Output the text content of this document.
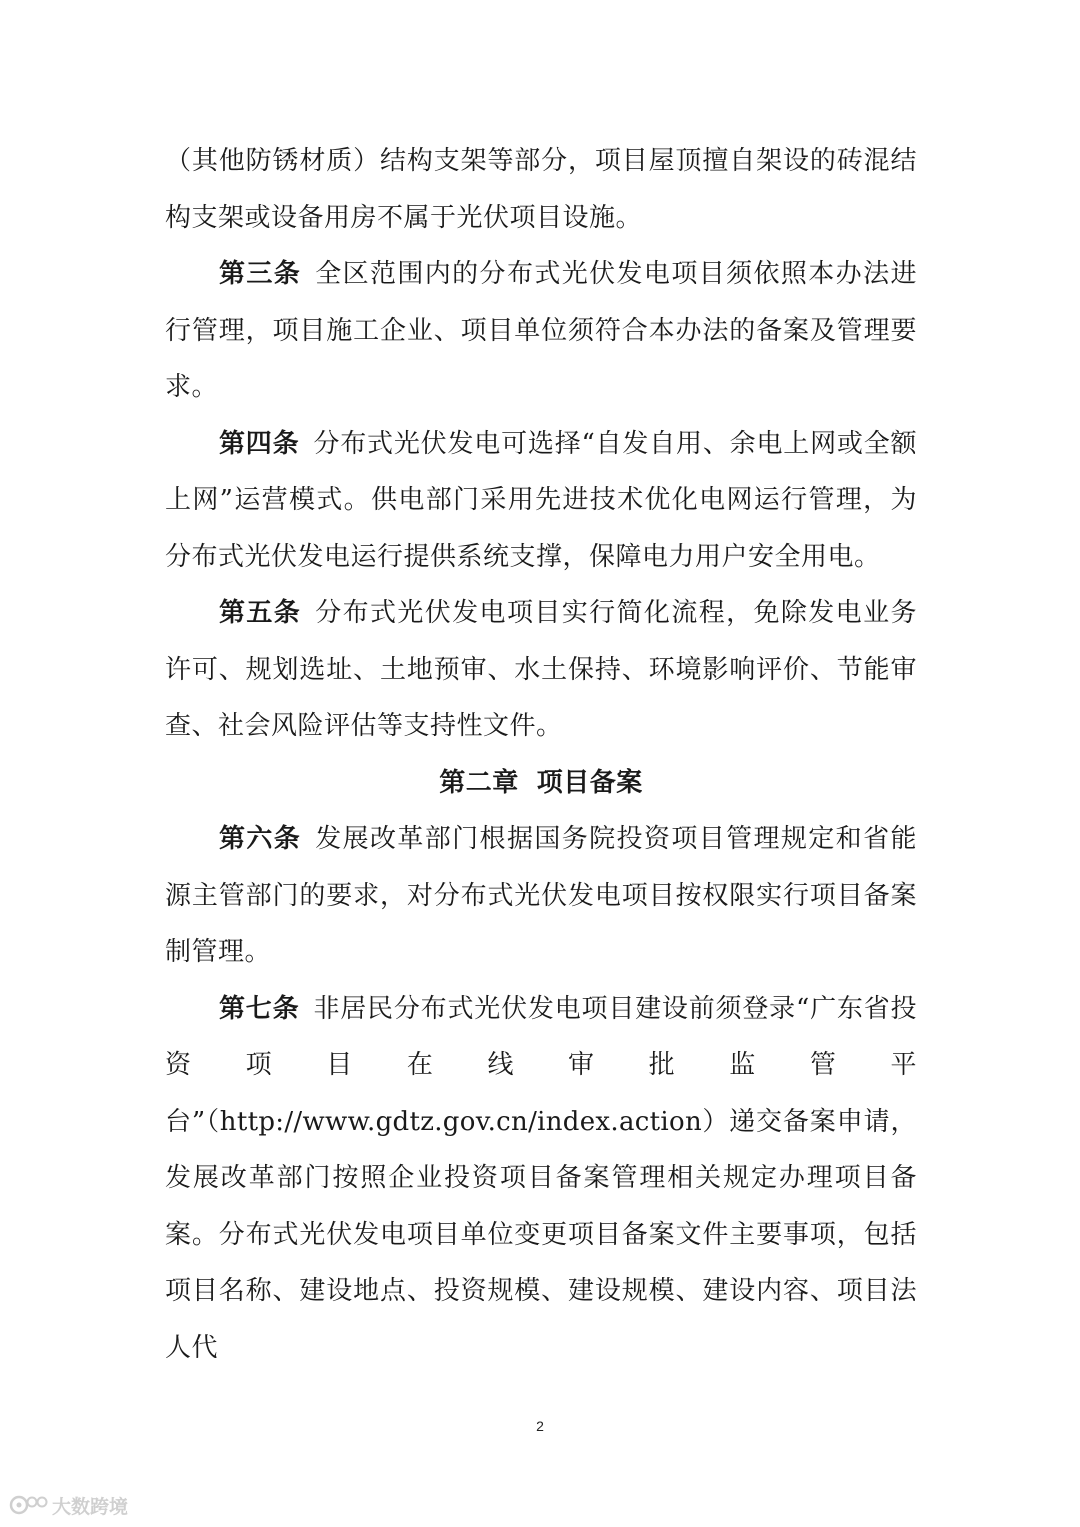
（其他防锈材质）结构支架等部分，项目屋顶擅自架设的砖混结构支架或设备用房不属于光伏项目设施。

第三条 全区范围内的分布式光伏发电项目须依照本办法进行管理，项目施工企业、项目单位须符合本办法的备案及管理要求。

第四条 分布式光伏发电可选择“自发自用、余电上网或全额上网”运营模式。供电部门采用先进技术优化电网运行管理，为分布式光伏发电运行提供系统支撑，保障电力用户安全用电。

第五条 分布式光伏发电项目实行简化流程，免除发电业务许可、规划选址、土地预审、水土保持、环境影响评价、节能审查、社会风险评估等支持性文件。

第二章 项目备案

第六条 发展改革部门根据国务院投资项目管理规定和省能源主管部门的要求，对分布式光伏发电项目按权限实行项目备案制管理。

第七条 非居民分布式光伏发电项目建设前须登录“广东省投资项目在线审批监管平台”（http://www.gdtz.gov.cn/index.action）递交备案申请，发展改革部门按照企业投资项目备案管理相关规定办理项目备案。分布式光伏发电项目单位变更项目备案文件主要事项，包括项目名称、建设地点、投资规模、建设规模、建设内容、项目法人代

2
大数跨境
